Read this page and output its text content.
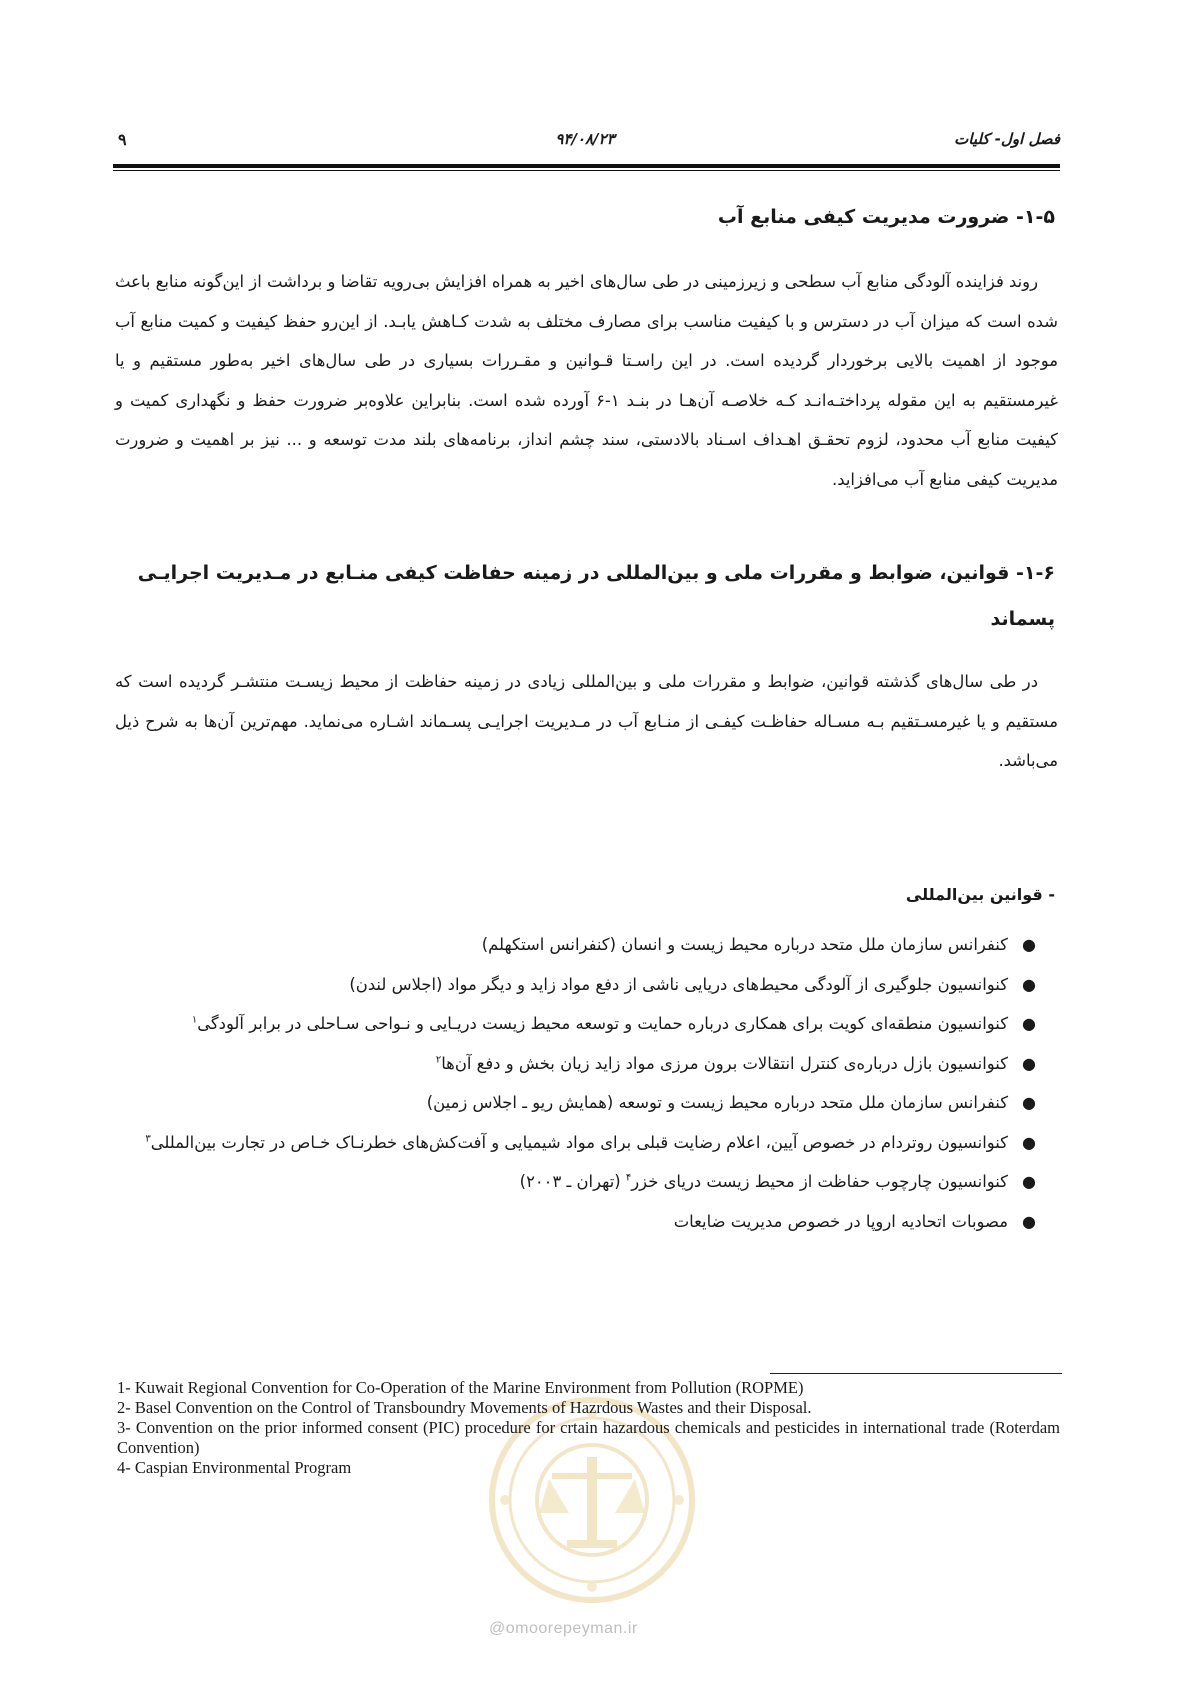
۹	۹۴/۰۸/۲۳	فصل اول- کلیات
۱-۵- ضرورت مدیریت کیفی منابع آب

روند فزاینده آلودگی منابع آب سطحی و زیرزمینی در طی سال‌های اخیر به همراه افزایش بی‌رویه تقاضا و برداشت از این‌گونه منابع باعث شده است که میزان آب در دسترس و با کیفیت مناسب برای مصارف مختلف به شدت کـاهش یابـد. از این‌رو حفظ کیفیت و کمیت منابع آب موجود از اهمیت بالایی برخوردار گردیده است. در این راسـتا قـوانین و مقـررات بسیاری در طی سال‌های اخیر به‌طور مستقیم و یا غیرمستقیم به این مقوله پرداختـه‌انـد کـه خلاصـه آن‌هـا در بنـد ۱-۶ آورده شده است. بنابراین علاوه‌بر ضرورت حفظ و نگهداری کمیت و کیفیت منابع آب محدود، لزوم تحقـق اهـداف اسـناد بالادستی، سند چشم انداز، برنامه‌های بلند مدت توسعه و ... نیز بر اهمیت و ضرورت مدیریت کیفی منابع آب می‌افزاید.

۱-۶- قوانین، ضوابط و مقررات ملی و بین‌المللی در زمینه حفاظت کیفی منـابع در مـدیریت اجرایـی
پسماند

در طی سال‌های گذشته قوانین، ضوابط و مقررات ملی و بین‌المللی زیادی در زمینه حفاظت از محیط زیسـت منتشـر گردیده است که مستقیم و یا غیرمسـتقیم بـه مسـاله حفاظـت کیفـی از منـابع آب در مـدیریت اجرایـی پسـماند اشـاره می‌نماید. مهم‌ترین آن‌ها به شرح ذیل می‌باشد.

- قوانین بین‌المللی
●
کنفرانس سازمان ملل متحد درباره محیط زیست و انسان (کنفرانس استکهلم)
●
کنوانسیون جلوگیری از آلودگی محیط‌های دریایی ناشی از دفع مواد زاید و دیگر مواد (اجلاس لندن)
●
کنوانسیون منطقه‌ای کویت برای همکاری درباره حمایت و توسعه محیط زیست دریـایی و نـواحی سـاحلی در برابر آلودگی$^۱$
●
کنوانسیون بازل درباره‌ی کنترل انتقالات برون مرزی مواد زاید زیان بخش و دفع آن‌ها$^۲$
●
کنفرانس سازمان ملل متحد درباره محیط زیست و توسعه (همایش ریو ـ اجلاس زمین)
●
کنوانسیون روتردام در خصوص آیین، اعلام رضایت قبلی برای مواد شیمیایی و آفت‌کش‌های خطرنـاک خـاص در تجارت بین‌المللی$^۳$
●
کنوانسیون چارچوب حفاظت از محیط زیست دریای خزر$^۴$ (تهران ـ ۲۰۰۳)
●
مصوبات اتحادیه اروپا در خصوص مدیریت ضایعات
@omoorepeyman.ir
1- Kuwait Regional Convention for Co-Operation of the Marine Environment from Pollution (ROPME)
2- Basel Convention on the Control of Transboundry Movements of Hazrdous Wastes and their Disposal.
3- Convention on the prior informed consent (PIC) procedure for crtain hazardous chemicals and pesticides in international trade (Roterdam Convention)
4- Caspian Environmental Program
